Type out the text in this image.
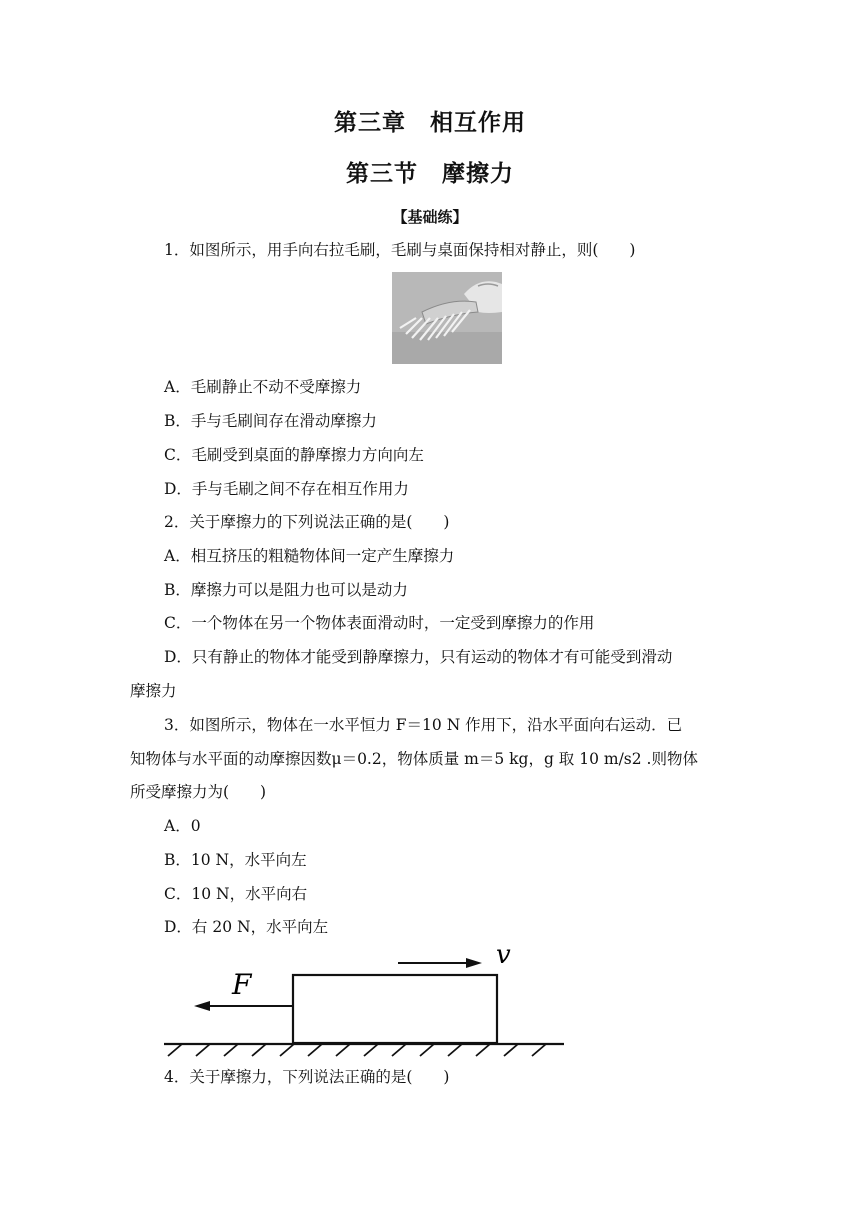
第三章　相互作用
第三节　摩擦力
【基础练】
1．如图所示，用手向右拉毛刷，毛刷与桌面保持相对静止，则(　　)
A．毛刷静止不动不受摩擦力
B．手与毛刷间存在滑动摩擦力
C．毛刷受到桌面的静摩擦力方向向左
D．手与毛刷之间不存在相互作用力
2．关于摩擦力的下列说法正确的是(　　)
A．相互挤压的粗糙物体间一定产生摩擦力
B．摩擦力可以是阻力也可以是动力
C．一个物体在另一个物体表面滑动时，一定受到摩擦力的作用
D．只有静止的物体才能受到静摩擦力，只有运动的物体才有可能受到滑动
摩擦力
3．如图所示，物体在一水平恒力 F＝10 N 作用下，沿水平面向右运动．已
知物体与水平面的动摩擦因数μ＝0.2，物体质量 m＝5 kg，g 取 10 m/s2 .则物体
所受摩擦力为(　　)
A．0
B．10 N，水平向左
C．10 N，水平向右
D．右 20 N，水平向左
v
F
4．关于摩擦力，下列说法正确的是(　　)
